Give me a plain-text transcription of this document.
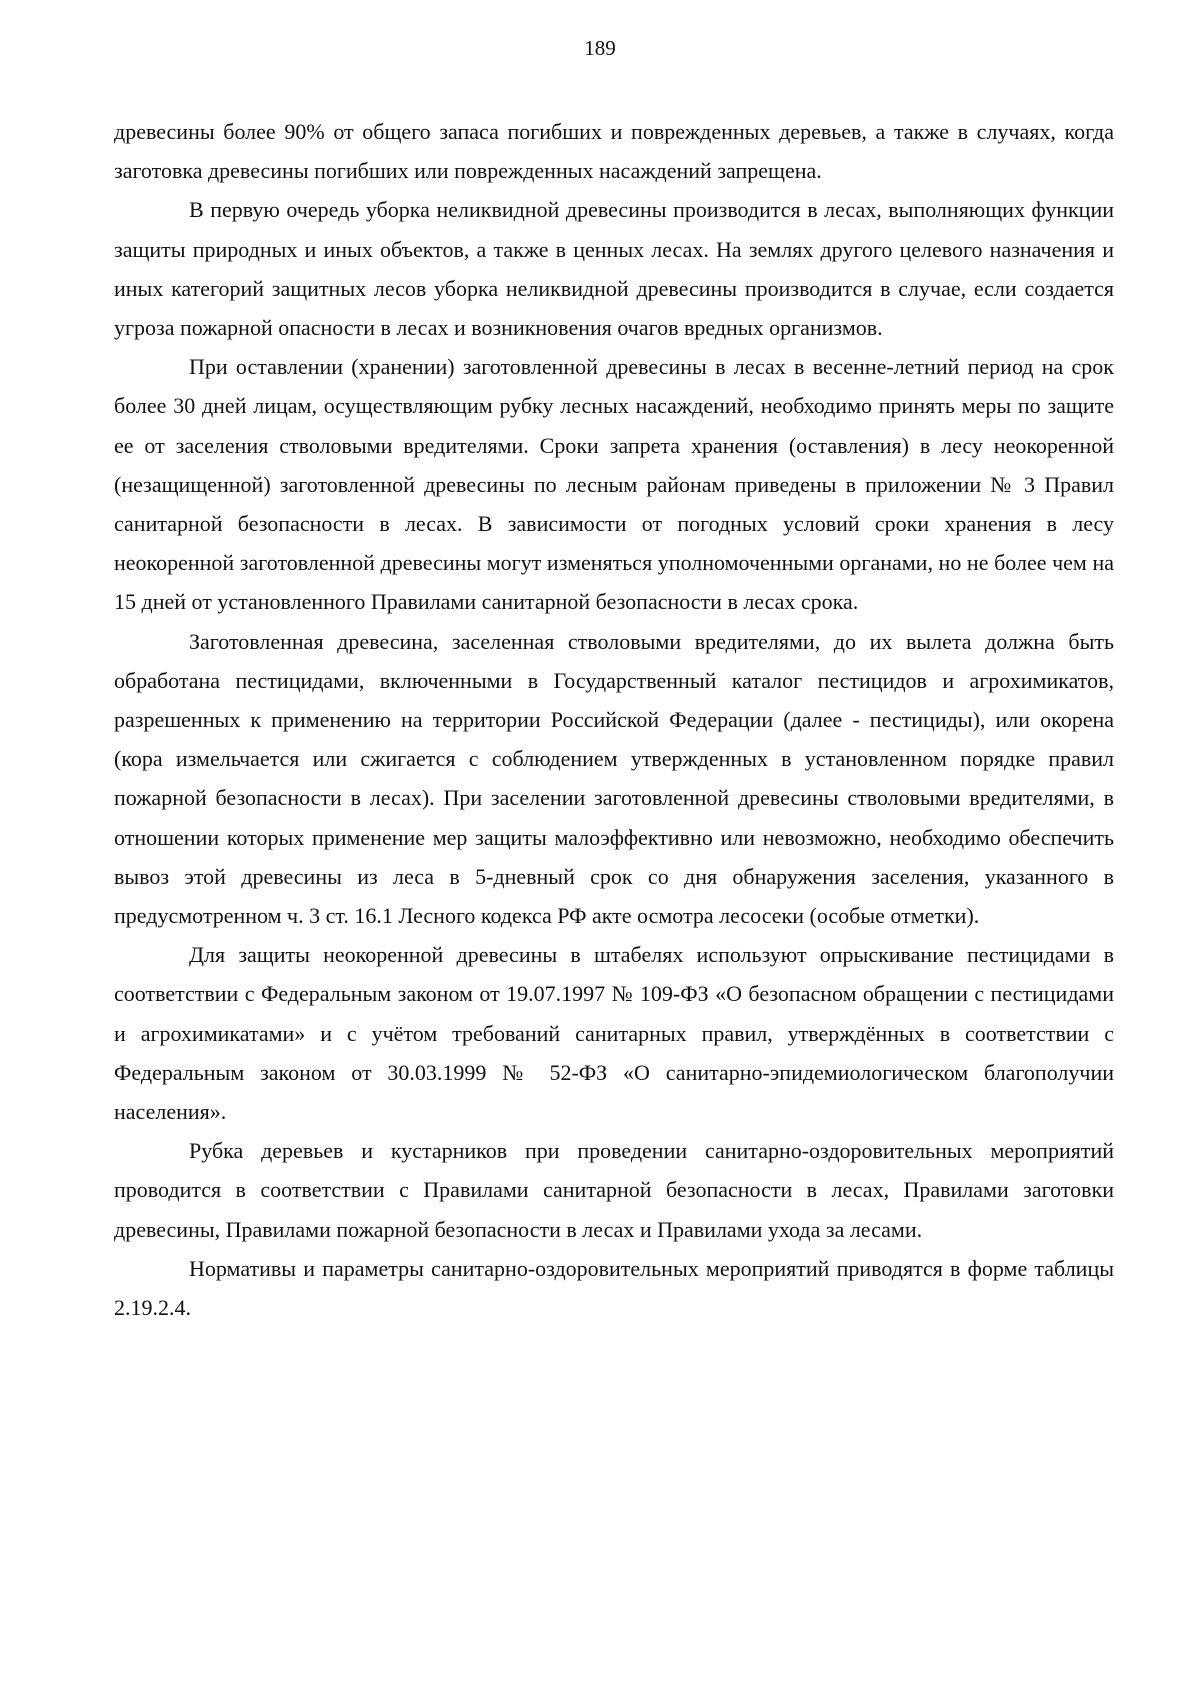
189

древесины более 90% от общего запаса погибших и поврежденных деревьев, а также в случаях, когда заготовка древесины погибших или поврежденных насаждений запрещена.

В первую очередь уборка неликвидной древесины производится в лесах, выполняющих функции защиты природных и иных объектов, а также в ценных лесах. На землях другого целевого назначения и иных категорий защитных лесов уборка неликвидной древесины производится в случае, если создается угроза пожарной опасности в лесах и возникновения очагов вредных организмов.

При оставлении (хранении) заготовленной древесины в лесах в весенне-летний период на срок более 30 дней лицам, осуществляющим рубку лесных насаждений, необходимо принять меры по защите ее от заселения стволовыми вредителями. Сроки запрета хранения (оставления) в лесу неокоренной (незащищенной) заготовленной древесины по лесным районам приведены в приложении № 3 Правил санитарной безопасности в лесах. В зависимости от погодных условий сроки хранения в лесу неокоренной заготовленной древесины могут изменяться уполномоченными органами, но не более чем на 15 дней от установленного Правилами санитарной безопасности в лесах срока.

Заготовленная древесина, заселенная стволовыми вредителями, до их вылета должна быть обработана пестицидами, включенными в Государственный каталог пестицидов и агрохимикатов, разрешенных к применению на территории Российской Федерации (далее - пестициды), или окорена (кора измельчается или сжигается с соблюдением утвержденных в установленном порядке правил пожарной безопасности в лесах). При заселении заготовленной древесины стволовыми вредителями, в отношении которых применение мер защиты малоэффективно или невозможно, необходимо обеспечить вывоз этой древесины из леса в 5-дневный срок со дня обнаружения заселения, указанного в предусмотренном ч. 3 ст. 16.1 Лесного кодекса РФ акте осмотра лесосеки (особые отметки).

Для защиты неокоренной древесины в штабелях используют опрыскивание пестицидами в соответствии с Федеральным законом от 19.07.1997 № 109-ФЗ «О безопасном обращении с пестицидами и агрохимикатами» и с учётом требований санитарных правил, утверждённых в соответствии с Федеральным законом от 30.03.1999 № 52-ФЗ «О санитарно-эпидемиологическом благополучии населения».

Рубка деревьев и кустарников при проведении санитарно-оздоровительных мероприятий проводится в соответствии с Правилами санитарной безопасности в лесах, Правилами заготовки древесины, Правилами пожарной безопасности в лесах и Правилами ухода за лесами.

Нормативы и параметры санитарно-оздоровительных мероприятий приводятся в форме таблицы 2.19.2.4.
